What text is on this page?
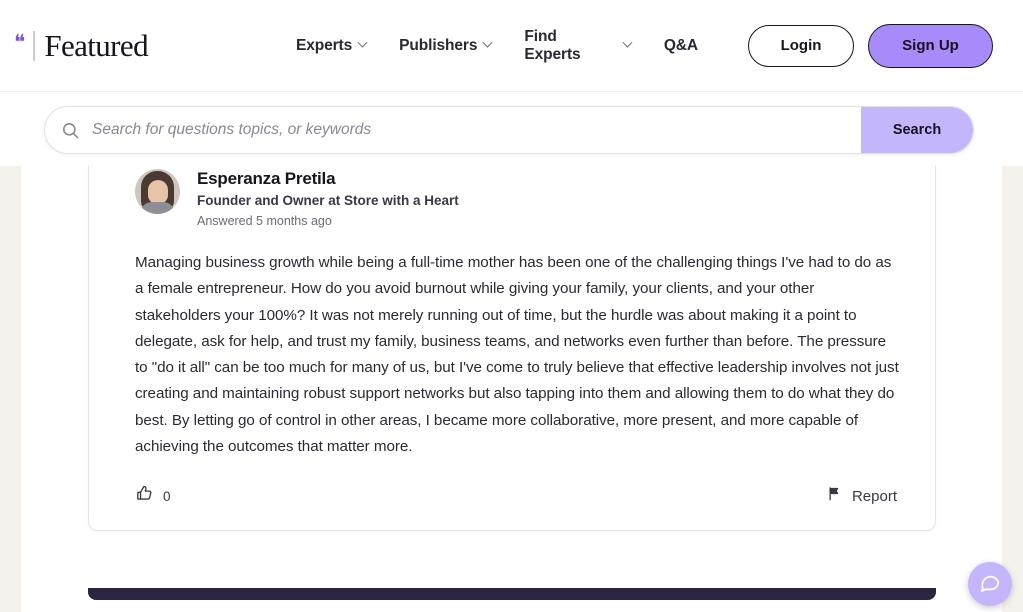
❝ Featured	Experts	Publishers
Find Experts
Q&A	Login	Sign Up
Search for questions topics, or keywords
Search
Esperanza Pretila
Founder and Owner at Store with a Heart
Answered 5 months ago

Managing business growth while being a full-time mother has been one of the challenging things I've had to do as a female entrepreneur. How do you avoid burnout while giving your family, your clients, and your other stakeholders your 100%? It was not merely running out of time, but the hurdle was about making it a point to delegate, ask for help, and trust my family, business teams, and networks even further than before. The pressure to "do it all" can be too much for many of us, but I've come to truly believe that effective leadership involves not just creating and maintaining robust support networks but also tapping into them and allowing them to do what they do best. By letting go of control in other areas, I became more collaborative, more present, and more capable of achieving the outcomes that matter more.

0	Report
